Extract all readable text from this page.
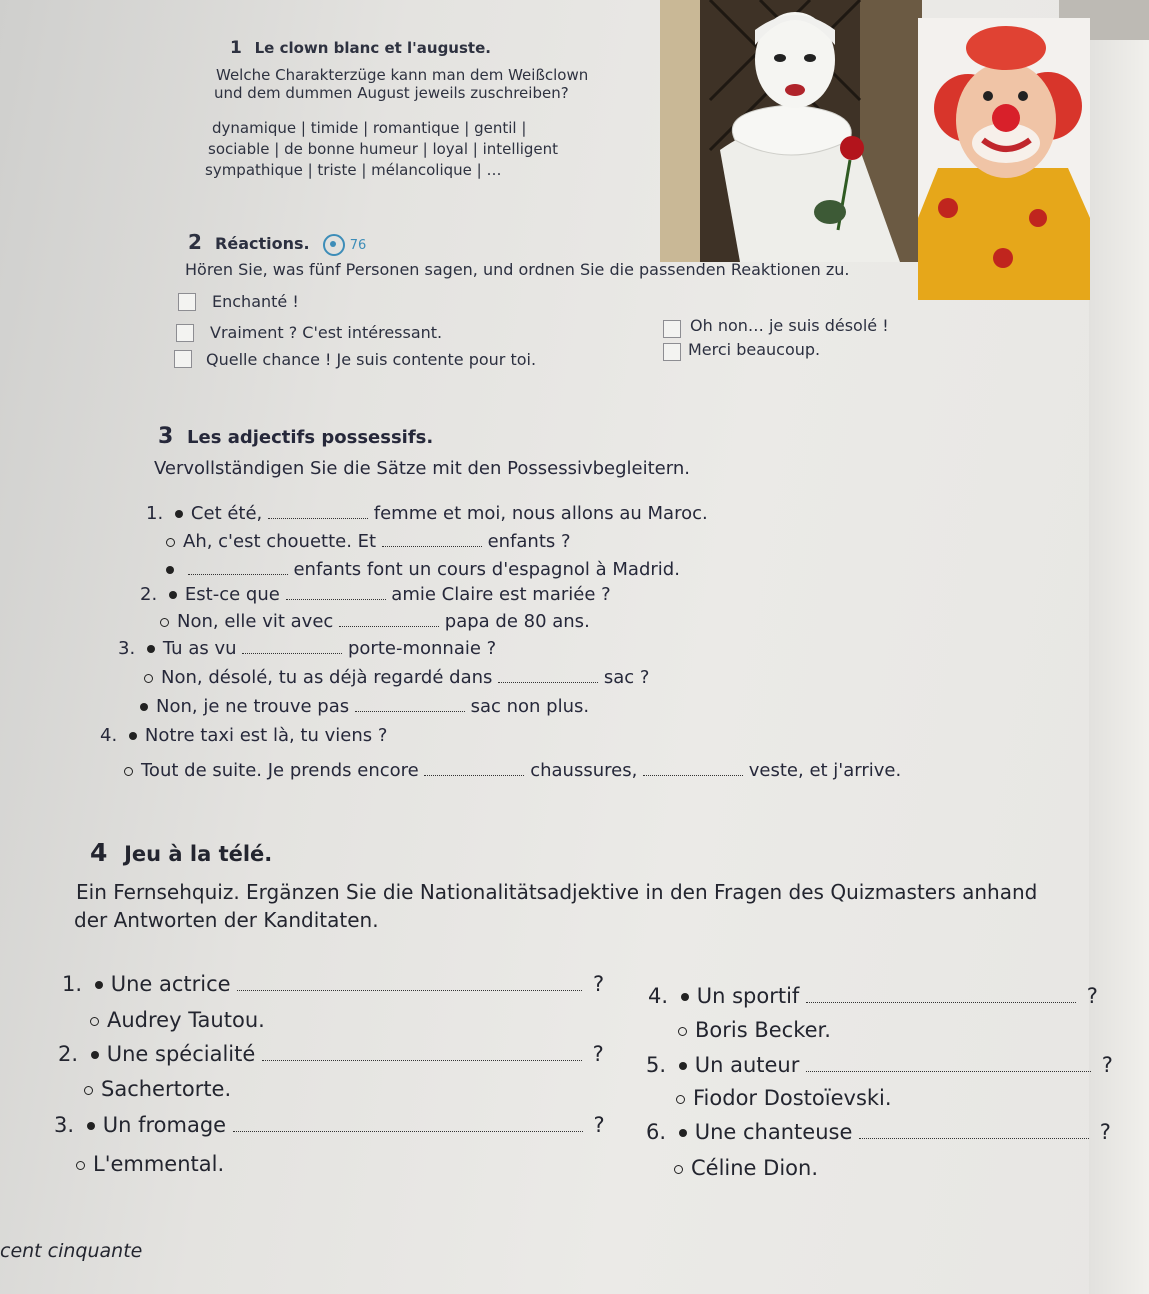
1 Le clown blanc et l'auguste.
Welche Charakterzüge kann man dem Weißclown
und dem dummen August jeweils zuschreiben?
dynamique | timide | romantique | gentil |
sociable | de bonne humeur | loyal | intelligent
sympathique | triste | mélancolique | …
2 Réactions.	76
Hören Sie, was fünf Personen sagen, und ordnen Sie die passenden Reaktionen zu.
Enchanté !
Vraiment ? C'est intéressant.
Quelle chance ! Je suis contente pour toi.
Oh non… je suis désolé !
Merci beaucoup.
3 Les adjectifs possessifs.
Vervollständigen Sie die Sätze mit den Possessivbegleitern.
1. Cet été,	femme et moi, nous allons au Maroc.
Ah, c'est chouette. Et	enfants ?
enfants font un cours d'espagnol à Madrid.
2. Est-ce que	amie Claire est mariée ?
Non, elle vit avec	papa de 80 ans.
3. Tu as vu	porte-monnaie ?
Non, désolé, tu as déjà regardé dans	sac ?
Non, je ne trouve pas	sac non plus.
4. Notre taxi est là, tu viens ?
Tout de suite. Je prends encore	chaussures,	veste, et j'arrive.
4 Jeu à la télé.
Ein Fernsehquiz. Ergänzen Sie die Nationalitätsadjektive in den Fragen des Quizmasters anhand
der Antworten der Kanditaten.
1. Une actrice	?
Audrey Tautou.
2. Une spécialité	?
Sachertorte.
3. Un fromage	?
L'emmental.
4. Un sportif	?
Boris Becker.
5. Un auteur	?
Fiodor Dostoïevski.
6. Une chanteuse	?
Céline Dion.
cent cinquante
